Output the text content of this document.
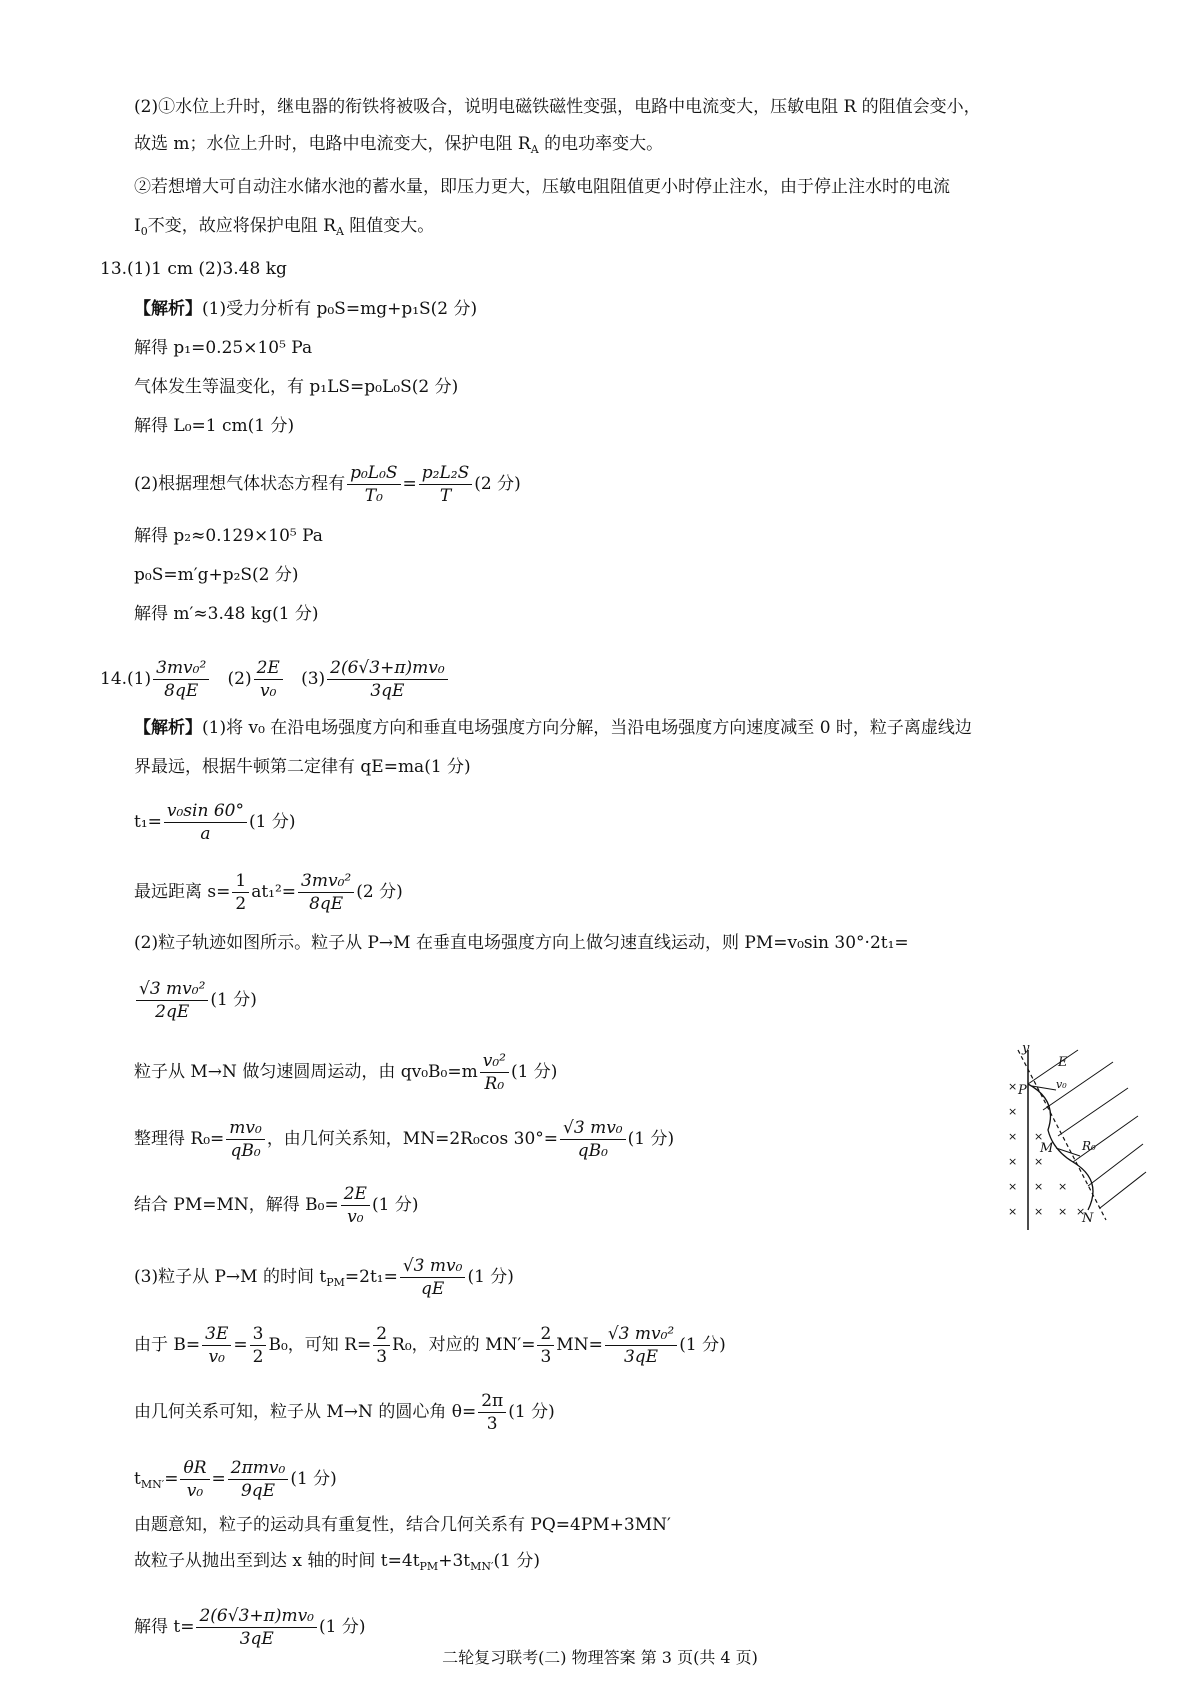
(2)①水位上升时，继电器的衔铁将被吸合，说明电磁铁磁性变强，电路中电流变大，压敏电阻 R 的阻值会变小，
故选 m；水位上升时，电路中电流变大，保护电阻 $R_A$ 的电功率变大。
②若想增大可自动注水储水池的蓄水量，即压力更大，压敏电阻阻值更小时停止注水，由于停止注水时的电流
$I_0$不变，故应将保护电阻 $R_A$ 阻值变大。
13.(1)1 cm (2)3.48 kg
【解析】(1)受力分析有 p₀S=mg+p₁S(2 分)
解得 p₁=0.25×10⁵ Pa
气体发生等温变化，有 p₁LS=p₀L₀S(2 分)
解得 L₀=1 cm(1 分)
(2)根据理想气体状态方程有 $\frac{\text{p₀L₀S}}{\text{T₀}} = \frac{\text{p₂L₂S}}{T} (2$ 分)
解得 p₂≈0.129×10⁵ Pa
p₀S=m′g+p₂S(2 分)
解得 m′≈3.48 kg(1 分)
$14.(1) \frac{\text{3mv₀²}}{8qE} (2) \frac{2E}{\text{v₀}} (3) \frac{\text{2(6√3+π)mv₀}}{3qE}$
【解析】(1)将 v₀ 在沿电场强度方向和垂直电场强度方向分解，当沿电场强度方向速度减至 0 时，粒子离虚线边
界最远，根据牛顿第二定律有 qE=ma(1 分)
$t_1= \frac{\text{v₀sin 60°}}{a} (1$ 分)
最远距离 $s= \frac{1}{2} at_1^2= \frac{\text{3mv₀²}}{8qE} (2$ 分)
(2)粒子轨迹如图所示。粒子从 P→M 在垂直电场强度方向上做匀速直线运动，则 PM=v₀sin 30°·2t₁=
$\frac{\text{√3 mv₀²}}{2qE} (1$ 分)
粒子从 M→N 做匀速圆周运动，由 $qv_0B_0=m \frac{\text{v₀²}}{\text{R₀}} (1$ 分)
整理得 $R_0= \frac{\text{mv₀}}{\text{qB₀}}$ ，由几何关系知，MN=2R₀cos $30^\circ= \frac{\text{√3 mv₀}}{\text{qB₀}} (1$ 分)
结合 PM=MN，解得 $B_0= \frac{2E}{\text{v₀}} (1$ 分)
(3)粒子从 P→M 的时间 $t_{PM}=2t_1= \frac{\text{√3 mv₀}}{qE} (1$ 分)
由于 $B= \frac{3E}{\text{v₀}} = \frac{3}{2} B_0$，可知 $R= \frac{2}{3} R_0$，对应的 $MN'= \frac{2}{3} MN= \frac{\text{√3 mv₀²}}{3qE} (1$ 分)
由几何关系可知，粒子从 M→N 的圆心角 $\theta= \frac{2\pi}{3} (1$ 分)
$t_{MN'}= \frac{\theta R}{\text{v₀}} = \frac{\text{2πmv₀}}{9qE} (1$ 分)
由题意知，粒子的运动具有重复性，结合几何关系有 PQ=4PM+3MN′
故粒子从抛出至到达 x 轴的时间 $t=4t_{PM}+3t_{MN'}(1$ 分)
解得 $t= \frac{\text{2(6√3+π)mv₀}}{3qE} (1$ 分)
×
×
×
×
×
×
×
×
×
×
×
× ×
y
E
P	v₀
M R₀
N
二轮复习联考(二) 物理答案 第 3 页(共 4 页)
